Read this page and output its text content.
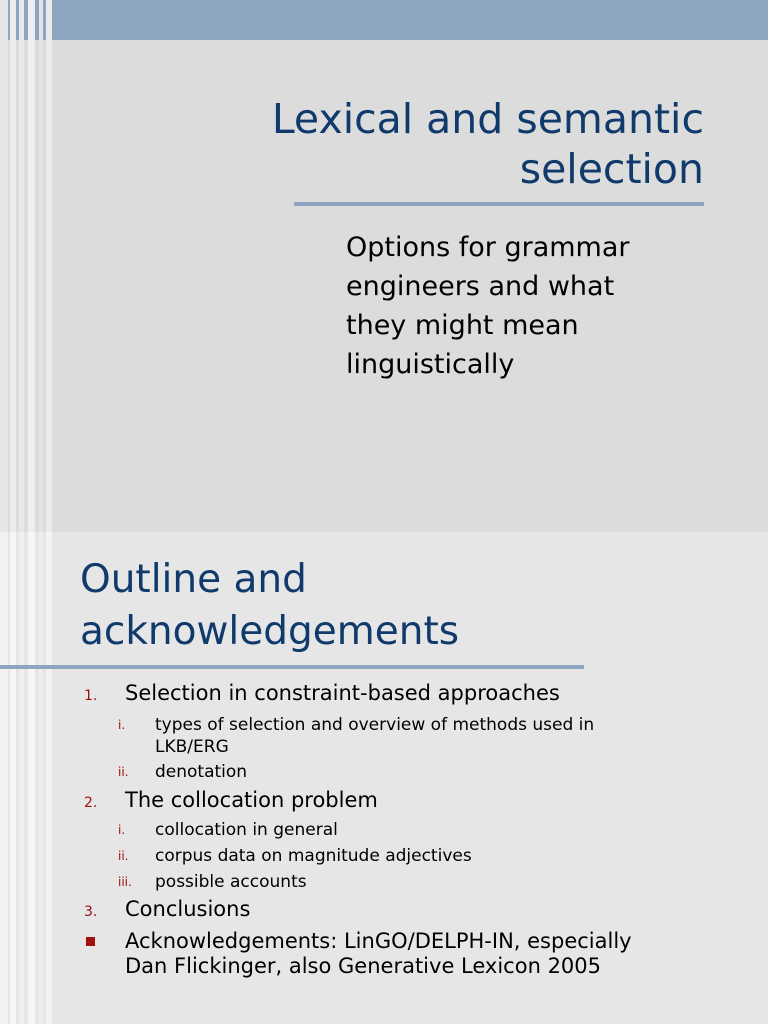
Lexical and semantic
selection
Options for grammar
engineers and what
they might mean
linguistically
Outline and
acknowledgements
1. Selection in constraint-based approaches
i. types of selection and overview of methods used in
LKB/ERG
ii. denotation
2. The collocation problem
i. collocation in general
ii. corpus data on magnitude adjectives
iii. possible accounts
3. Conclusions
Acknowledgements: LinGO/DELPH-IN, especially
Dan Flickinger, also Generative Lexicon 2005
